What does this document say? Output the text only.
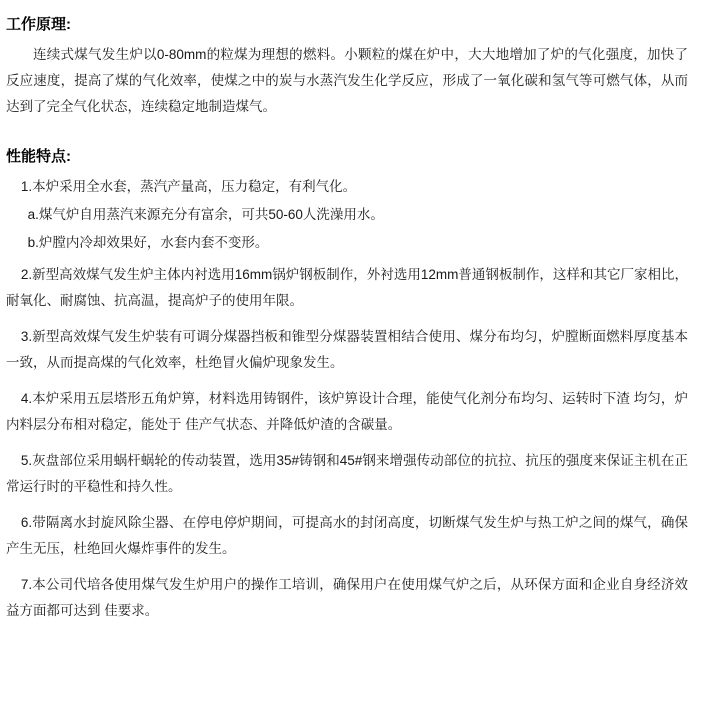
工作原理:

连续式煤气发生炉以0-80mm的粒煤为理想的燃料。小颗粒的煤在炉中，大大地增加了炉的气化强度，加快了反应速度，提高了煤的气化效率，使煤之中的炭与水蒸汽发生化学反应，形成了一氧化碳和氢气等可燃气体，从而达到了完全气化状态，连续稳定地制造煤气。

性能特点:
1.本炉采用全水套，蒸汽产量高，压力稳定，有利气化。
a.煤气炉自用蒸汽来源充分有富余，可共50-60人洗澡用水。
b.炉膛内冷却效果好，水套内套不变形。
2.新型高效煤气发生炉主体内衬选用16mm锅炉钢板制作，外衬选用12mm普通钢板制作，这样和其它厂家相比，耐氧化、耐腐蚀、抗高温，提高炉子的使用年限。
3.新型高效煤气发生炉装有可调分煤器挡板和锥型分煤器装置相结合使用、煤分布均匀，炉膛断面燃料厚度基本一致，从而提高煤的气化效率，杜绝冒火偏炉现象发生。
4.本炉采用五层塔形五角炉箅，材料选用铸钢件，该炉箅设计合理，能使气化剂分布均匀、运转时下渣 均匀，炉内料层分布相对稳定，能处于 佳产气状态、并降低炉渣的含碳量。
5.灰盘部位采用蜗杆蜗轮的传动装置，选用35#铸钢和45#钢来增强传动部位的抗拉、抗压的强度来保证主机在正常运行时的平稳性和持久性。
6.带隔离水封旋风除尘器、在停电停炉期间，可提高水的封闭高度，切断煤气发生炉与热工炉之间的煤气，确保产生无压，杜绝回火爆炸事件的发生。
7.本公司代培各使用煤气发生炉用户的操作工培训，确保用户在使用煤气炉之后，从环保方面和企业自身经济效益方面都可达到 佳要求。
